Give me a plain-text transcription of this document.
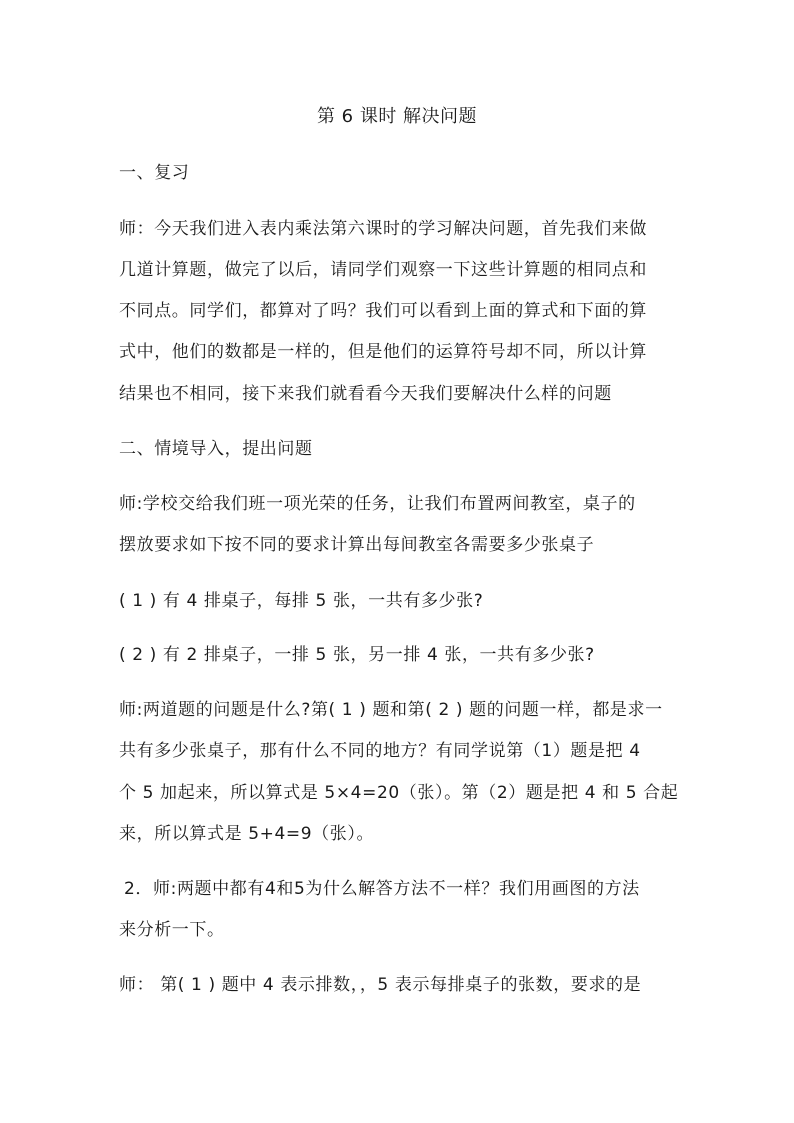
第 6 课时 解决问题
一、复习
师：今天我们进入表内乘法第六课时的学习解决问题，首先我们来做
几道计算题，做完了以后，请同学们观察一下这些计算题的相同点和
不同点。同学们，都算对了吗？我们可以看到上面的算式和下面的算
式中，他们的数都是一样的，但是他们的运算符号却不同，所以计算
结果也不相同，接下来我们就看看今天我们要解决什么样的问题
二、情境导入，提出问题
师:学校交给我们班一项光荣的任务，让我们布置两间教室，桌子的
摆放要求如下按不同的要求计算出每间教室各需要多少张桌子
( 1 ) 有 4 排桌子，每排 5 张，一共有多少张?
( 2 ) 有 2 排桌子，一排 5 张，另一排 4 张，一共有多少张?
师:两道题的问题是什么?第( 1 ) 题和第( 2 ) 题的问题一样，都是求一
共有多少张桌子，那有什么不同的地方？有同学说第（1）题是把 4
个 5 加起来，所以算式是 5×4=20（张）。第（2）题是把 4 和 5 合起
来，所以算式是 5+4=9（张）。
2．师:两题中都有4和5为什么解答方法不一样？我们用画图的方法
来分析一下。
师： 第( 1 ) 题中 4 表示排数，，5 表示每排桌子的张数，要求的是
